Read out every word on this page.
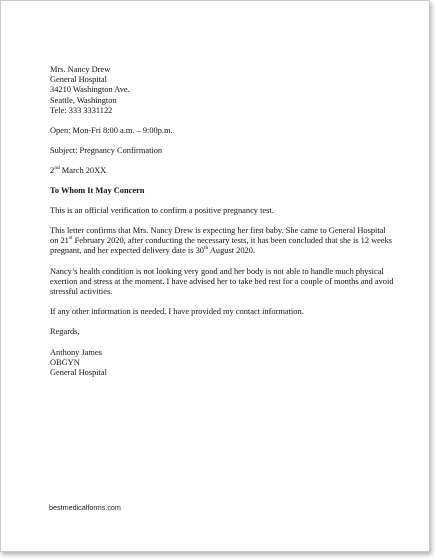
Mrs. Nancy Drew
General Hospital
34210 Washington Ave.
Seattle, Washington
Tele: 333 3331122
Open: Mon-Fri 8:00 a.m. – 9:00p.m.
Subject: Pregnancy Confirmation
2nd March 20XX
To Whom It May Concern
This is an official verification to confirm a positive pregnancy test.
This letter confirms that Mrs. Nancy Drew is expecting her first baby. She came to General Hospital
on 21st February 2020, after conducting the necessary tests, it has been concluded that she is 12 weeks
pregnant, and her expected delivery date is 30th August 2020.
Nancy’s health condition is not looking very good and her body is not able to handle much physical
exertion and stress at the moment. I have advised her to take bed rest for a couple of months and avoid
stressful activities.
If any other information is needed, I have provided my contact information.
Regards,
Anthony James
OBGYN
General Hospital
bestmedicalforms.com
